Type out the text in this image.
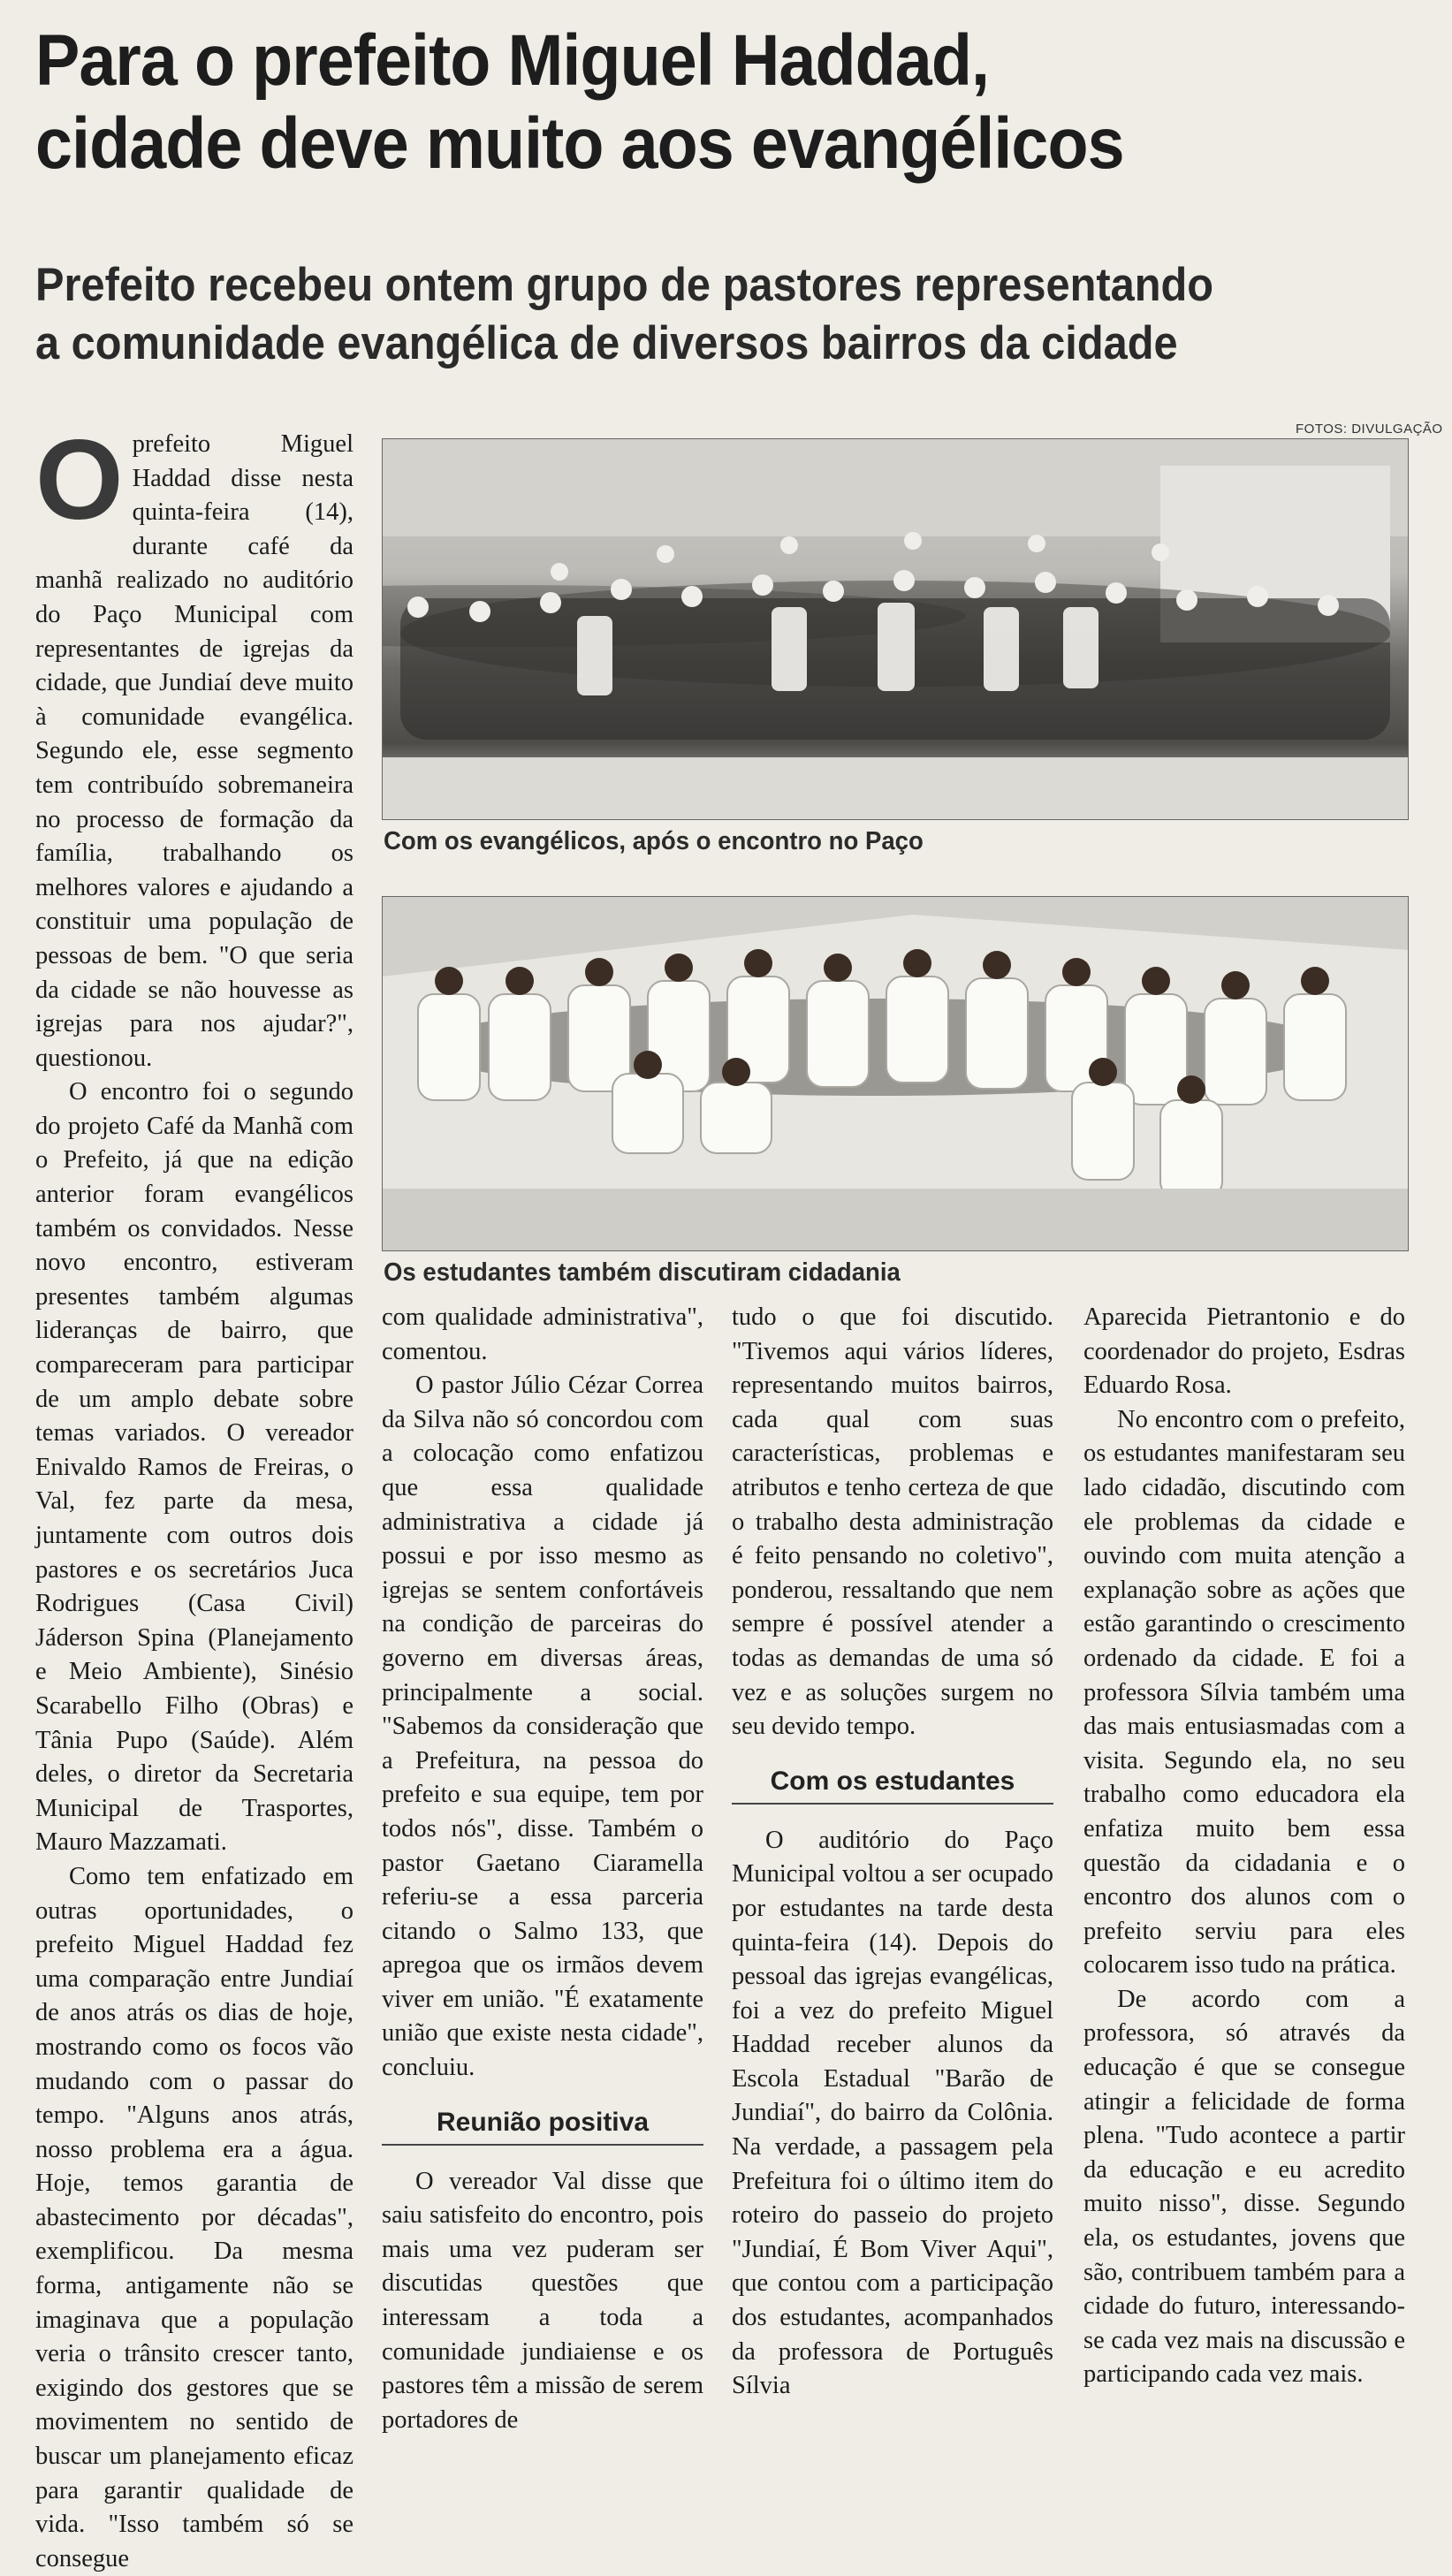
Para o prefeito Miguel Haddad,
cidade deve muito aos evangélicos
Prefeito recebeu ontem grupo de pastores representando
a comunidade evangélica de diversos bairros da cidade
FOTOS: DIVULGAÇÃO
Com os evangélicos, após o encontro no Paço
Os estudantes também discutiram cidadania

Oprefeito Miguel Haddad disse nesta quinta-feira (14), durante café da manhã realizado no auditório do Paço Municipal com representantes de igrejas da cidade, que Jundiaí deve muito à comunidade evangélica. Segundo ele, esse segmento tem contribuído sobremaneira no processo de formação da família, trabalhando os melhores valores e ajudando a constituir uma população de pessoas de bem. "O que seria da cidade se não houvesse as igrejas para nos ajudar?", questionou.

O encontro foi o segundo do projeto Café da Manhã com o Prefeito, já que na edição anterior foram evangélicos também os convidados. Nesse novo encontro, estiveram presentes também algumas lideranças de bairro, que compareceram para participar de um amplo debate sobre temas variados. O vereador Enivaldo Ramos de Freiras, o Val, fez parte da mesa, juntamente com outros dois pastores e os secretários Juca Rodrigues (Casa Civil) Jáderson Spina (Planejamento e Meio Ambiente), Sinésio Scarabello Filho (Obras) e Tânia Pupo (Saúde). Além deles, o diretor da Secretaria Municipal de Trasportes, Mauro Mazzamati.

Como tem enfatizado em outras oportunidades, o prefeito Miguel Haddad fez uma comparação entre Jundiaí de anos atrás os dias de hoje, mostrando como os focos vão mudando com o passar do tempo. "Alguns anos atrás, nosso problema era a água. Hoje, temos garantia de abastecimento por décadas", exemplificou. Da mesma forma, antigamente não se imaginava que a população veria o trânsito crescer tanto, exigindo dos gestores que se movimentem no sentido de buscar um planejamento eficaz para garantir qualidade de vida. "Isso também só se consegue

com qualidade administrativa", comentou.

O pastor Júlio Cézar Correa da Silva não só concordou com a colocação como enfatizou que essa qualidade administrativa a cidade já possui e por isso mesmo as igrejas se sentem confortáveis na condição de parceiras do governo em diversas áreas, principalmente a social. "Sabemos da consideração que a Prefeitura, na pessoa do prefeito e sua equipe, tem por todos nós", disse. Também o pastor Gaetano Ciaramella referiu-se a essa parceria citando o Salmo 133, que apregoa que os irmãos devem viver em união. "É exatamente união que existe nesta cidade", concluiu.

Reunião positiva

O vereador Val disse que saiu satisfeito do encontro, pois mais uma vez puderam ser discutidas questões que interessam a toda a comunidade jundiaiense e os pastores têm a missão de serem portadores de

tudo o que foi discutido. "Tivemos aqui vários líderes, representando muitos bairros, cada qual com suas características, problemas e atributos e tenho certeza de que o trabalho desta administração é feito pensando no coletivo", ponderou, ressaltando que nem sempre é possível atender a todas as demandas de uma só vez e as soluções surgem no seu devido tempo.

Com os estudantes

O auditório do Paço Municipal voltou a ser ocupado por estudantes na tarde desta quinta-feira (14). Depois do pessoal das igrejas evangélicas, foi a vez do prefeito Miguel Haddad receber alunos da Escola Estadual "Barão de Jundiaí", do bairro da Colônia. Na verdade, a passagem pela Prefeitura foi o último item do roteiro do passeio do projeto "Jundiaí, É Bom Viver Aqui", que contou com a participação dos estudantes, acompanhados da professora de Português Sílvia

Aparecida Pietrantonio e do coordenador do projeto, Esdras Eduardo Rosa.

No encontro com o prefeito, os estudantes manifestaram seu lado cidadão, discutindo com ele problemas da cidade e ouvindo com muita atenção a explanação sobre as ações que estão garantindo o crescimento ordenado da cidade. E foi a professora Sílvia também uma das mais entusiasmadas com a visita. Segundo ela, no seu trabalho como educadora ela enfatiza muito bem essa questão da cidadania e o encontro dos alunos com o prefeito serviu para eles colocarem isso tudo na prática.

De acordo com a professora, só através da educação é que se consegue atingir a felicidade de forma plena. "Tudo acontece a partir da educação e eu acredito muito nisso", disse. Segundo ela, os estudantes, jovens que são, contribuem também para a cidade do futuro, interessando-se cada vez mais na discussão e participando cada vez mais.
